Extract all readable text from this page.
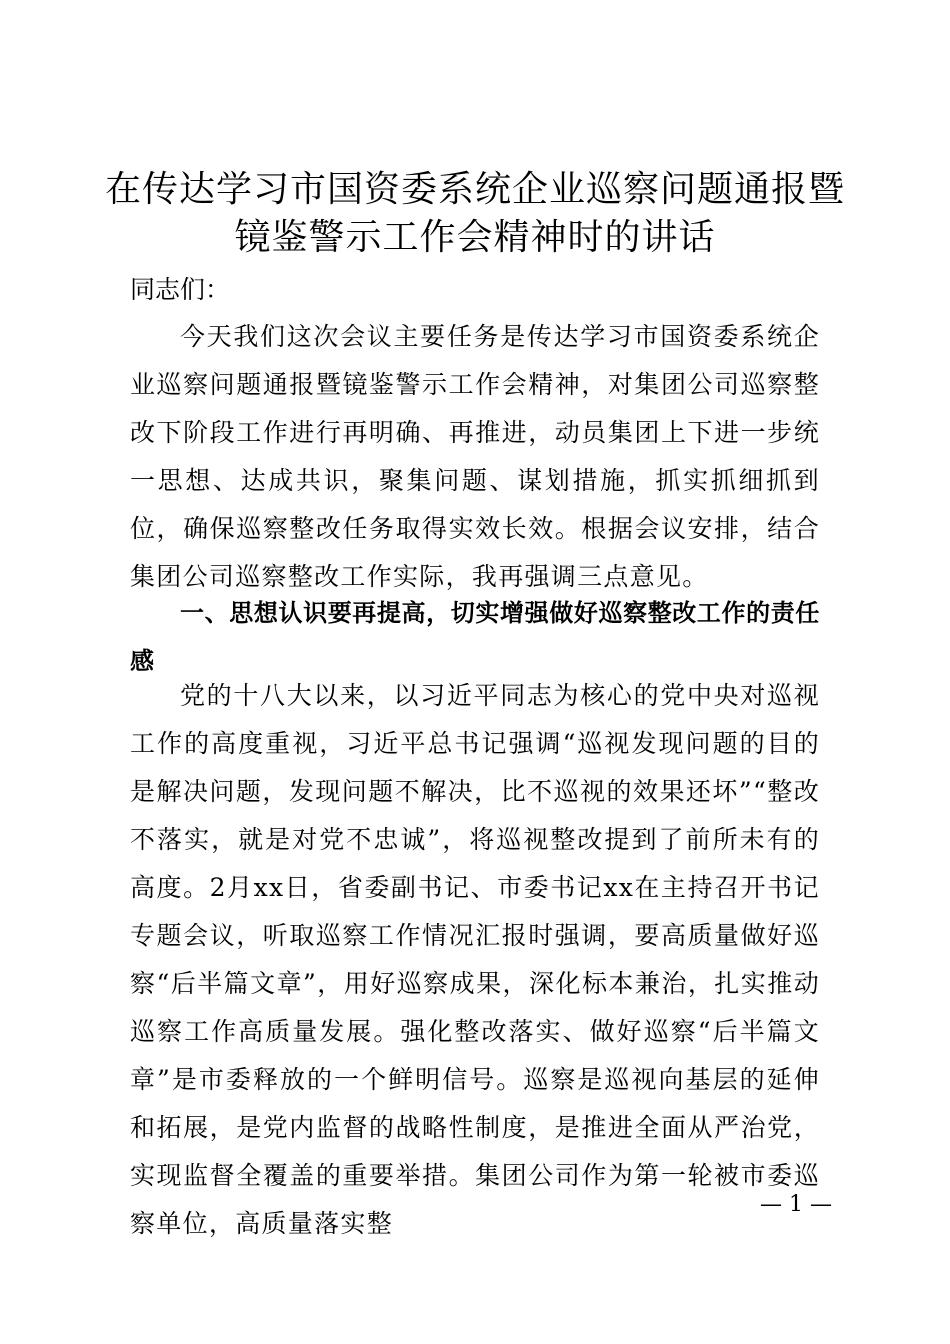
在传达学习市国资委系统企业巡察问题通报暨
镜鉴警示工作会精神时的讲话
同志们：
今天我们这次会议主要任务是传达学习市国资委系统企业巡察问题通报暨镜鉴警示工作会精神，对集团公司巡察整改下阶段工作进行再明确、再推进，动员集团上下进一步统一思想、达成共识，聚集问题、谋划措施，抓实抓细抓到位，确保巡察整改任务取得实效长效。根据会议安排，结合集团公司巡察整改工作实际，我再强调三点意见。
一、思想认识要再提高，切实增强做好巡察整改工作的责任感
党的十八大以来，以习近平同志为核心的党中央对巡视工作的高度重视，习近平总书记强调“巡视发现问题的目的是解决问题，发现问题不解决，比不巡视的效果还坏”“整改不落实，就是对党不忠诚”，将巡视整改提到了前所未有的高度。2月xx日，省委副书记、市委书记xx在主持召开书记专题会议，听取巡察工作情况汇报时强调，要高质量做好巡察“后半篇文章”，用好巡察成果，深化标本兼治，扎实推动巡察工作高质量发展。强化整改落实、做好巡察“后半篇文章”是市委释放的一个鲜明信号。巡察是巡视向基层的延伸和拓展，是党内监督的战略性制度，是推进全面从严治党，实现监督全覆盖的重要举措。集团公司作为第一轮被市委巡察单位，高质量落实整
— 1 —
